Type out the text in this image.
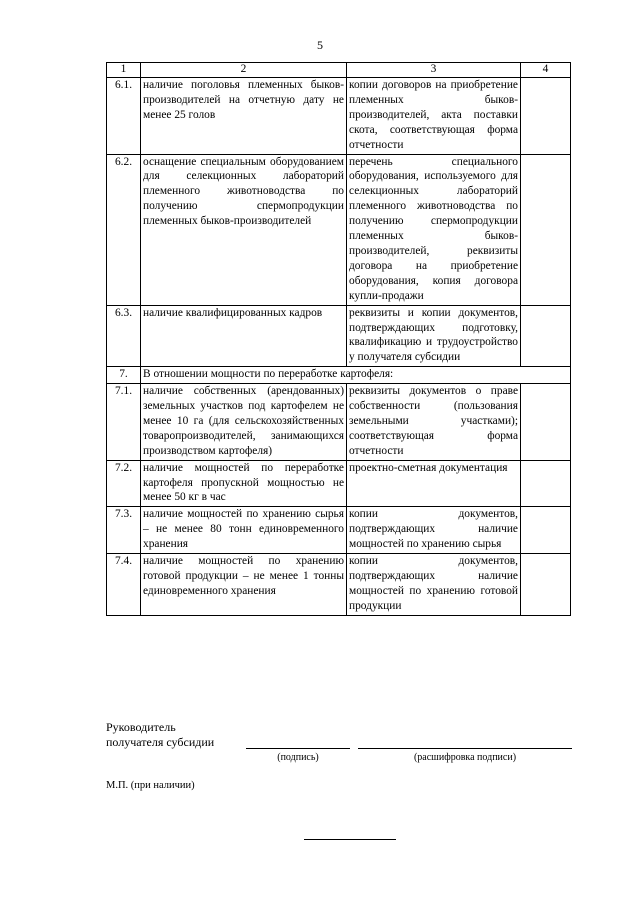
5
1	2	3	4
6.1.	наличие поголовья племенных быков-производителей на отчетную дату не менее 25 голов	копии договоров на приобретение племенных быков-производителей, акта поставки скота, соответствующая форма отчетности	
6.2.	оснащение специальным оборудованием для селекционных лабораторий племенного животноводства по получению спермопродукции племенных быков-производителей	перечень специального оборудования, используемого для селекционных лабораторий племенного животноводства по получению спермопродукции племенных быков-производителей, реквизиты договора на приобретение оборудования, копия договора купли-продажи	
6.3.	наличие квалифицированных кадров	реквизиты и копии документов, подтверждающих подготовку, квалификацию и трудоустройство у получателя субсидии	
7.	В отношении мощности по переработке картофеля:		
7.1.	наличие собственных (арендованных) земельных участков под картофелем не менее 10 га (для сельскохозяйственных товаропроизводителей, занимающихся производством картофеля)	реквизиты документов о праве собственности (пользования земельными участками); соответствующая форма отчетности	
7.2.	наличие мощностей по переработке картофеля пропускной мощностью не менее 50 кг в час	проектно-сметная документация	
7.3.	наличие мощностей по хранению сырья – не менее 80 тонн единовременного хранения	копии документов, подтверждающих наличие мощностей по хранению сырья	
7.4.	наличие мощностей по хранению готовой продукции – не менее 1 тонны единовременного хранения	копии документов, подтверждающих наличие мощностей по хранению готовой продукции	
Руководитель
получателя субсидии
(подпись)	(расшифровка подписи)
М.П. (при наличии)
